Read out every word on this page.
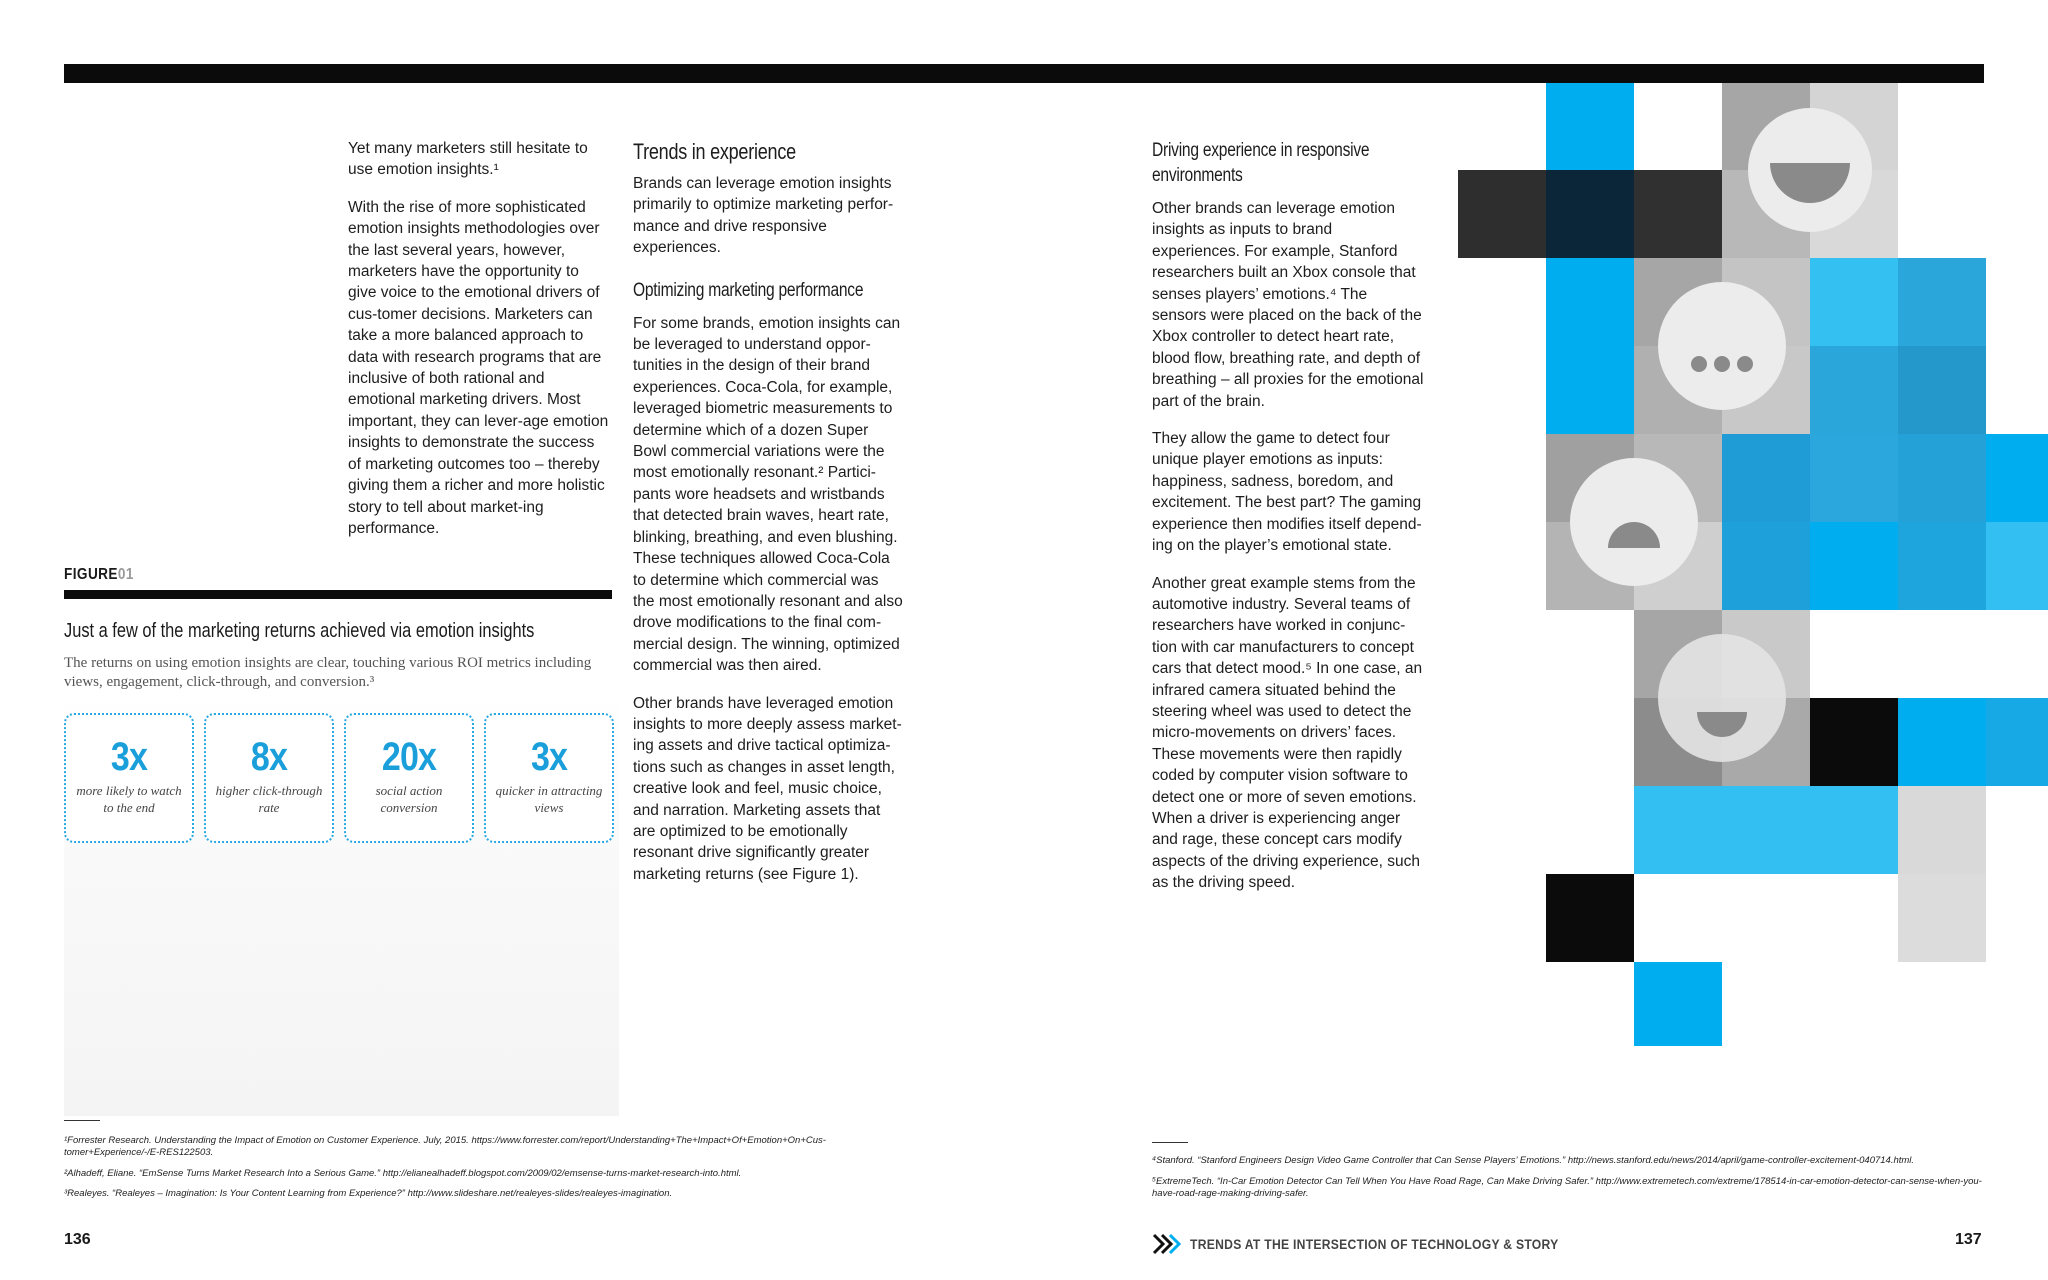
Yet many marketers still hesitate to use emotion insights.¹

With the rise of more sophisticated emotion insights methodologies over the last several years, however, marketers have the opportunity to give voice to the emotional drivers of cus-tomer decisions. Marketers can take a more balanced approach to data with research programs that are inclusive of both rational and emotional marketing drivers. Most important, they can lever-age emotion insights to demonstrate the success of marketing outcomes too – thereby giving them a richer and more holistic story to tell about market-ing performance.

Trends in experience

Brands can leverage emotion insights primarily to optimize marketing perfor-mance and drive responsive experiences.

Optimizing marketing performance

For some brands, emotion insights can be leveraged to understand oppor-tunities in the design of their brand experiences. Coca-Cola, for example, leveraged biometric measurements to determine which of a dozen Super Bowl commercial variations were the most emotionally resonant.² Partici-pants wore headsets and wristbands that detected brain waves, heart rate, blinking, breathing, and even blushing. These techniques allowed Coca-Cola to determine which commercial was the most emotionally resonant and also drove modifications to the final com-mercial design. The winning, optimized commercial was then aired.

Other brands have leveraged emotion insights to more deeply assess market-ing assets and drive tactical optimiza-tions such as changes in asset length, creative look and feel, music choice, and narration. Marketing assets that are optimized to be emotionally resonant drive significantly greater marketing returns (see Figure 1).

FIGURE01
Just a few of the marketing returns achieved via emotion insights
The returns on using emotion insights are clear, touching various ROI metrics including views, engagement, click-through, and conversion.³
3x
more likely to watch to the end
8x
higher click-through rate
20x
social action conversion
3x
quicker in attracting views
¹Forrester Research. Understanding the Impact of Emotion on Customer Experience. July, 2015. https://www.forrester.com/report/Understanding+The+Impact+Of+Emotion+On+Cus-tomer+Experience/-/E-RES122503.
²Alhadeff, Eliane. “EmSense Turns Market Research Into a Serious Game.” http://elianealhadeff.blogspot.com/2009/02/emsense-turns-market-research-into.html.
³Realeyes. “Realeyes – Imagination: Is Your Content Learning from Experience?” http://www.slideshare.net/realeyes-slides/realeyes-imagination.
136
Driving experience in responsive environments

Other brands can leverage emotion insights as inputs to brand experiences. For example, Stanford researchers built an Xbox console that senses players’ emotions.⁴ The sensors were placed on the back of the Xbox controller to detect heart rate, blood flow, breathing rate, and depth of breathing – all proxies for the emotional part of the brain.

They allow the game to detect four unique player emotions as inputs: happiness, sadness, boredom, and excitement. The best part? The gaming experience then modifies itself depend-ing on the player’s emotional state.

Another great example stems from the automotive industry. Several teams of researchers have worked in conjunc-tion with car manufacturers to concept cars that detect mood.⁵ In one case, an infrared camera situated behind the steering wheel was used to detect the micro-movements on drivers’ faces. These movements were then rapidly coded by computer vision software to detect one or more of seven emotions. When a driver is experiencing anger and rage, these concept cars modify aspects of the driving experience, such as the driving speed.

⁴Stanford. “Stanford Engineers Design Video Game Controller that Can Sense Players’ Emotions.” http://news.stanford.edu/news/2014/april/game-controller-excitement-040714.html.
⁵ExtremeTech. “In-Car Emotion Detector Can Tell When You Have Road Rage, Can Make Driving Safer.” http://www.extremetech.com/extreme/178514-in-car-emotion-detector-can-sense-when-you-have-road-rage-making-driving-safer.
TRENDS AT THE INTERSECTION OF TECHNOLOGY & STORY	137
